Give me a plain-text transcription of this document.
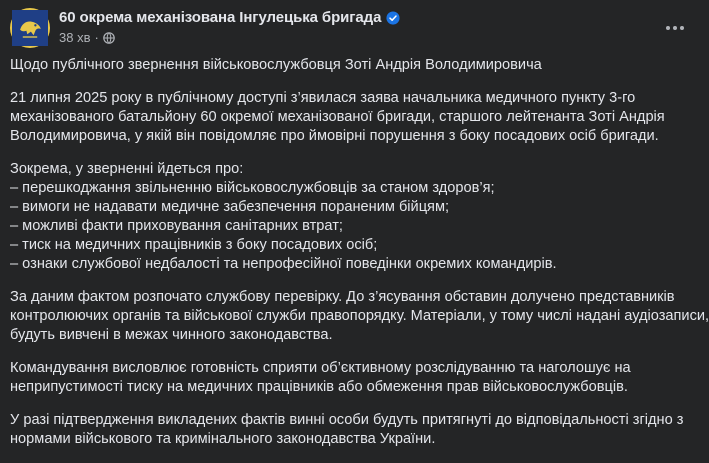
60 окрема механізована Інгулецька бригада
38 хв ·
Щодо публічного звернення військовослужбовця Зоті Андрія Володимировича
21 липня 2025 року в публічному доступі з’явилася заява начальника медичного пункту 3-го
механізованого батальйону 60 окремої механізованої бригади, старшого лейтенанта Зоті Андрія
Володимировича, у якій він повідомляє про ймовірні порушення з боку посадових осіб бригади.
Зокрема, у зверненні йдеться про:
– перешкоджання звільненню військовослужбовців за станом здоров’я;
– вимоги не надавати медичне забезпечення пораненим бійцям;
– можливі факти приховування санітарних втрат;
– тиск на медичних працівників з боку посадових осіб;
– ознаки службової недбалості та непрофесійної поведінки окремих командирів.
За даним фактом розпочато службову перевірку. До з’ясування обставин долучено представників
контролюючих органів та військової служби правопорядку. Матеріали, у тому числі надані аудіозаписи,
будуть вивчені в межах чинного законодавства.
Командування висловлює готовність сприяти об’єктивному розслідуванню та наголошує на
неприпустимості тиску на медичних працівників або обмеження прав військовослужбовців.
У разі підтвердження викладених фактів винні особи будуть притягнуті до відповідальності згідно з
нормами військового та кримінального законодавства України.
